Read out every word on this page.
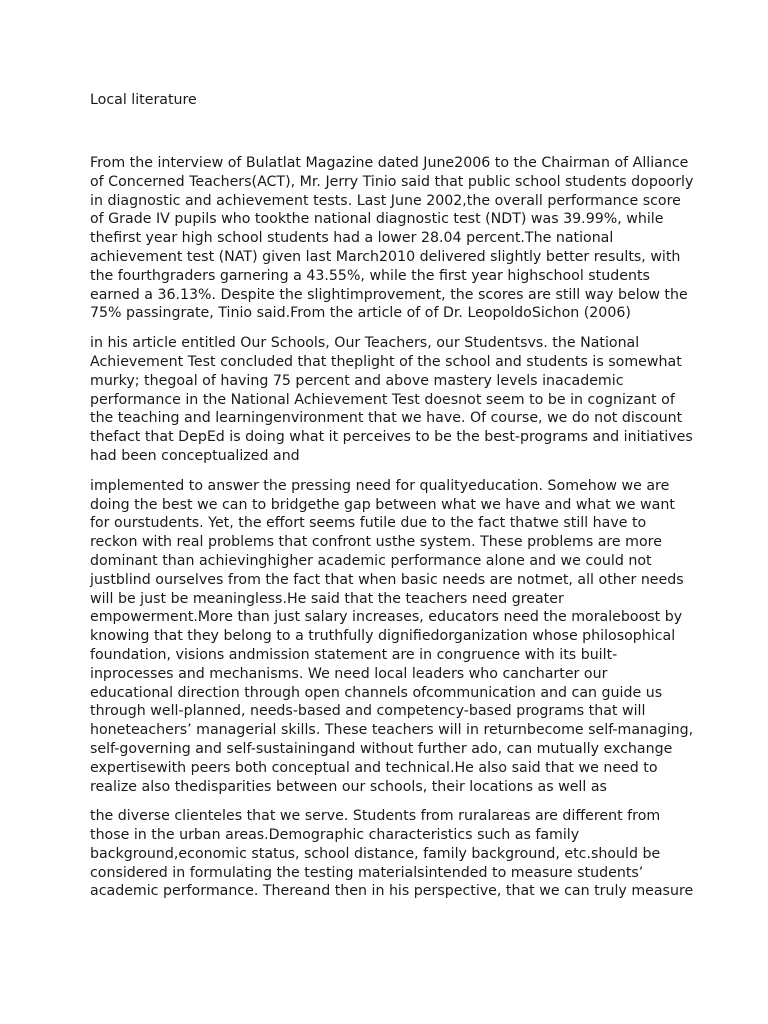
Local literature
From the interview of Bulatlat Magazine dated June2006 to the Chairman of Alliance
of Concerned Teachers(ACT), Mr. Jerry Tinio said that public school students dopoorly
in diagnostic and achievement tests. Last June 2002,the overall performance score
of Grade IV pupils who tookthe national diagnostic test (NDT) was 39.99%, while
thefirst year high school students had a lower 28.04 percent.The national
achievement test (NAT) given last March2010 delivered slightly better results, with
the fourthgraders garnering a 43.55%, while the first year highschool students
earned a 36.13%. Despite the slightimprovement, the scores are still way below the
75% passingrate, Tinio said.From the article of of Dr. LeopoldoSichon (2006)
in his article entitled Our Schools, Our Teachers, our Studentsvs. the National
Achievement Test concluded that theplight of the school and students is somewhat
murky; thegoal of having 75 percent and above mastery levels inacademic
performance in the National Achievement Test doesnot seem to be in cognizant of
the teaching and learningenvironment that we have. Of course, we do not discount
thefact that DepEd is doing what it perceives to be the best-programs and initiatives
had been conceptualized and
implemented to answer the pressing need for qualityeducation. Somehow we are
doing the best we can to bridgethe gap between what we have and what we want
for ourstudents. Yet, the effort seems futile due to the fact thatwe still have to
reckon with real problems that confront usthe system. These problems are more
dominant than achievinghigher academic performance alone and we could not
justblind ourselves from the fact that when basic needs are notmet, all other needs
will be just be meaningless.He said that the teachers need greater
empowerment.More than just salary increases, educators need the moraleboost by
knowing that they belong to a truthfully dignifiedorganization whose philosophical
foundation, visions andmission statement are in congruence with its built-
inprocesses and mechanisms. We need local leaders who cancharter our
educational direction through open channels ofcommunication and can guide us
through well-planned, needs-based and competency-based programs that will
honeteachers’ managerial skills. These teachers will in returnbecome self-managing,
self-governing and self-sustainingand without further ado, can mutually exchange
expertisewith peers both conceptual and technical.He also said that we need to
realize also thedisparities between our schools, their locations as well as
the diverse clienteles that we serve. Students from ruralareas are different from
those in the urban areas.Demographic characteristics such as family
background,economic status, school distance, family background, etc.should be
considered in formulating the testing materialsintended to measure students’
academic performance. Thereand then in his perspective, that we can truly measure
